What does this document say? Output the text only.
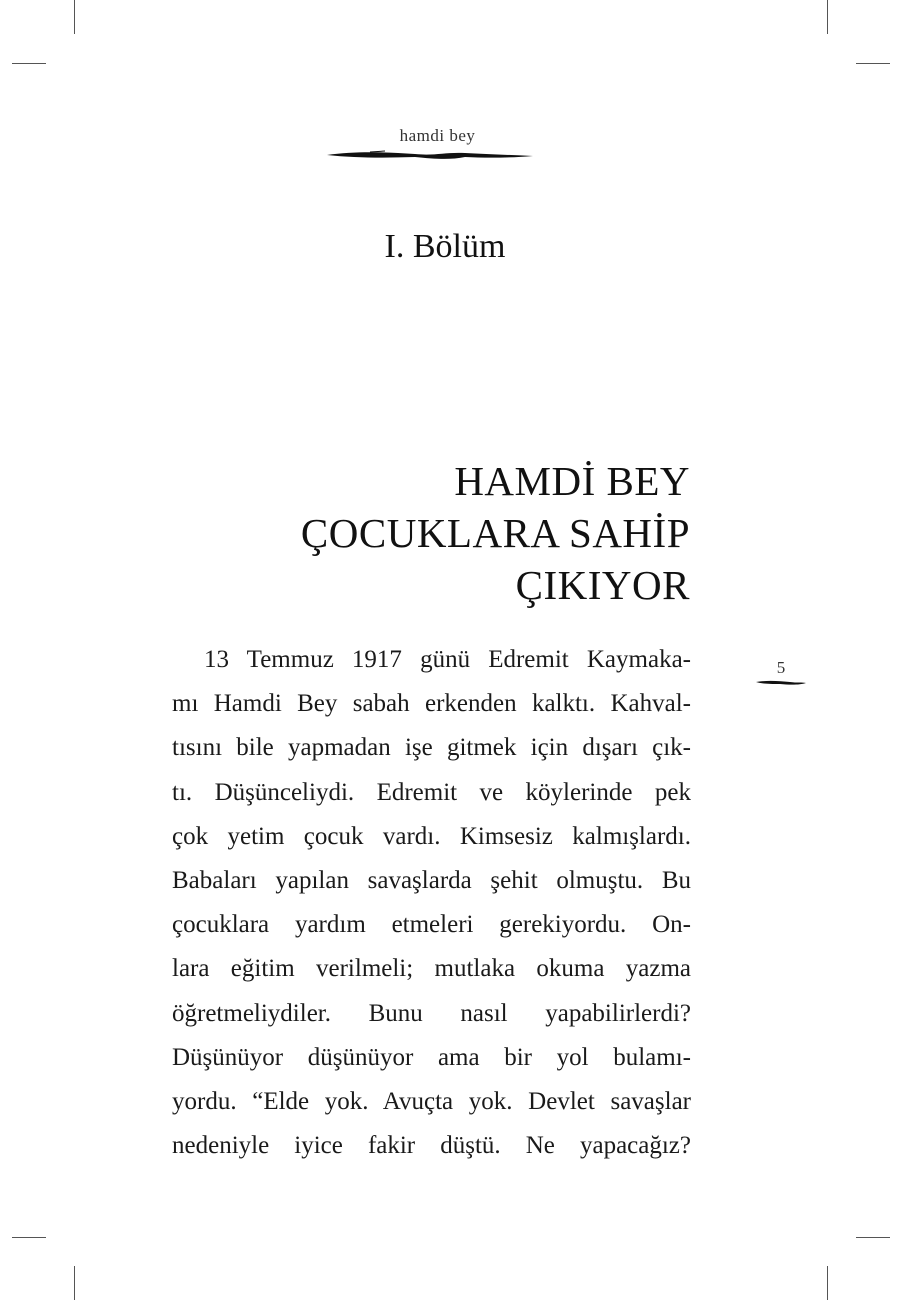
hamdi bey
I. Bölüm
HAMDİ BEY
ÇOCUKLARA SAHİP
ÇIKIYOR
13 Temmuz 1917 günü Edremit Kaymaka-
mı Hamdi Bey sabah erkenden kalktı. Kahval-
tısını bile yapmadan işe gitmek için dışarı çık-
tı. Düşünceliydi. Edremit ve köylerinde pek
çok yetim çocuk vardı. Kimsesiz kalmışlardı.
Babaları yapılan savaşlarda şehit olmuştu. Bu
çocuklara yardım etmeleri gerekiyordu. On-
lara eğitim verilmeli; mutlaka okuma yazma
öğretmeliydiler. Bunu nasıl yapabilirlerdi?
Düşünüyor düşünüyor ama bir yol bulamı-
yordu. “Elde yok. Avuçta yok. Devlet savaşlar
nedeniyle iyice fakir düştü. Ne yapacağız?
5
